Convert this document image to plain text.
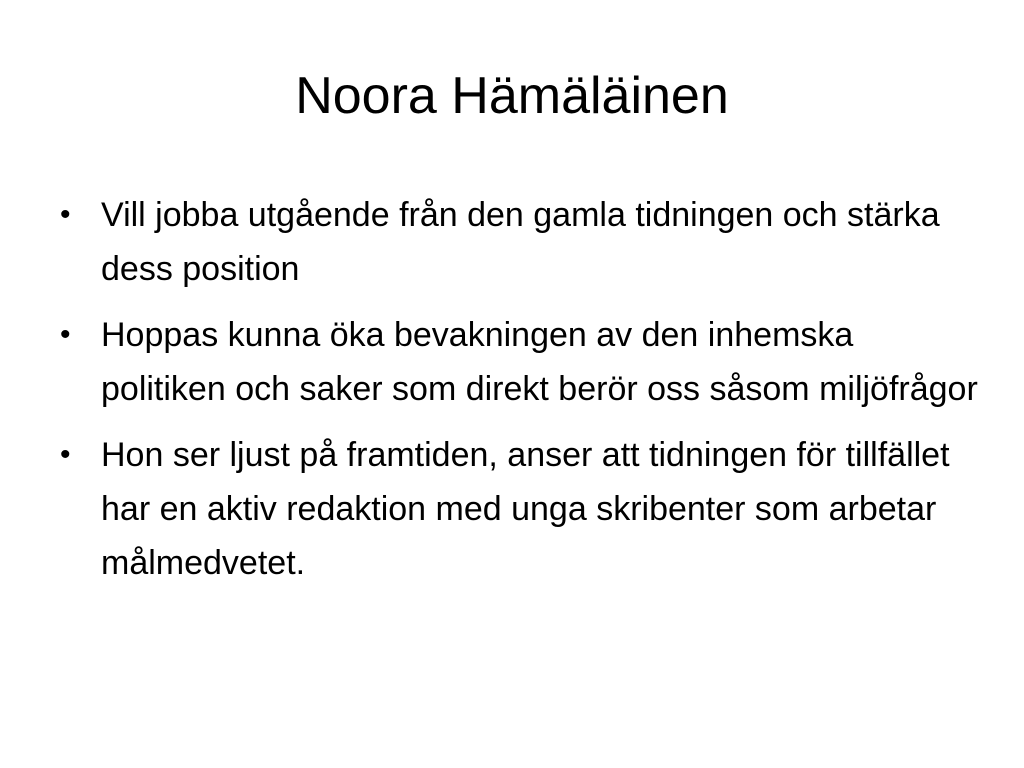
Noora Hämäläinen
• Vill jobba utgående från den gamla tidningen och stärka dess position
• Hoppas kunna öka bevakningen av den inhemska politiken och saker som direkt berör oss såsom miljöfrågor
• Hon ser ljust på framtiden, anser att tidningen för tillfället har en aktiv redaktion med unga skribenter som arbetar målmedvetet.
